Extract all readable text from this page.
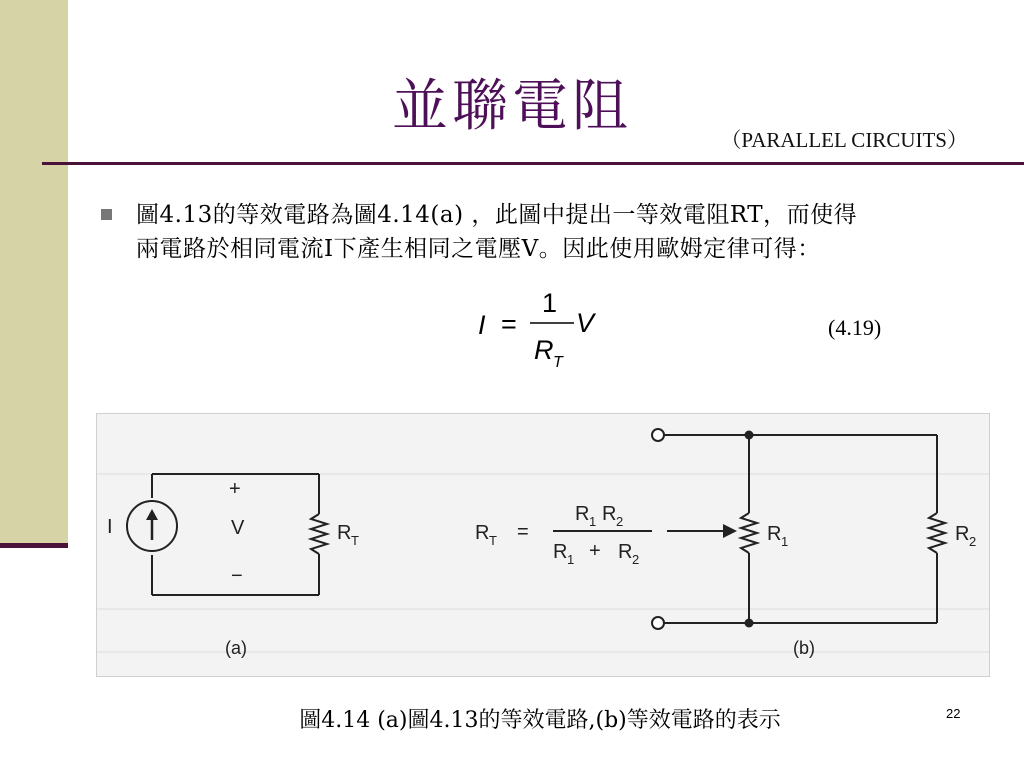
並聯電阻
（PARALLEL CIRCUITS）
圖4.13的等效電路為圖4.14(a) ，此圖中提出一等效電阻RT，而使得
兩電路於相同電流I下產生相同之電壓V。因此使用歐姆定律可得：
I =
1
R T
V	(4.19)
I
+
V
−
R T
(a)
R T =
R 1 R 2
R 1 + R 2
R 1	R 2
(b)
圖4.14 (a)圖4.13的等效電路,(b)等效電路的表示	22
